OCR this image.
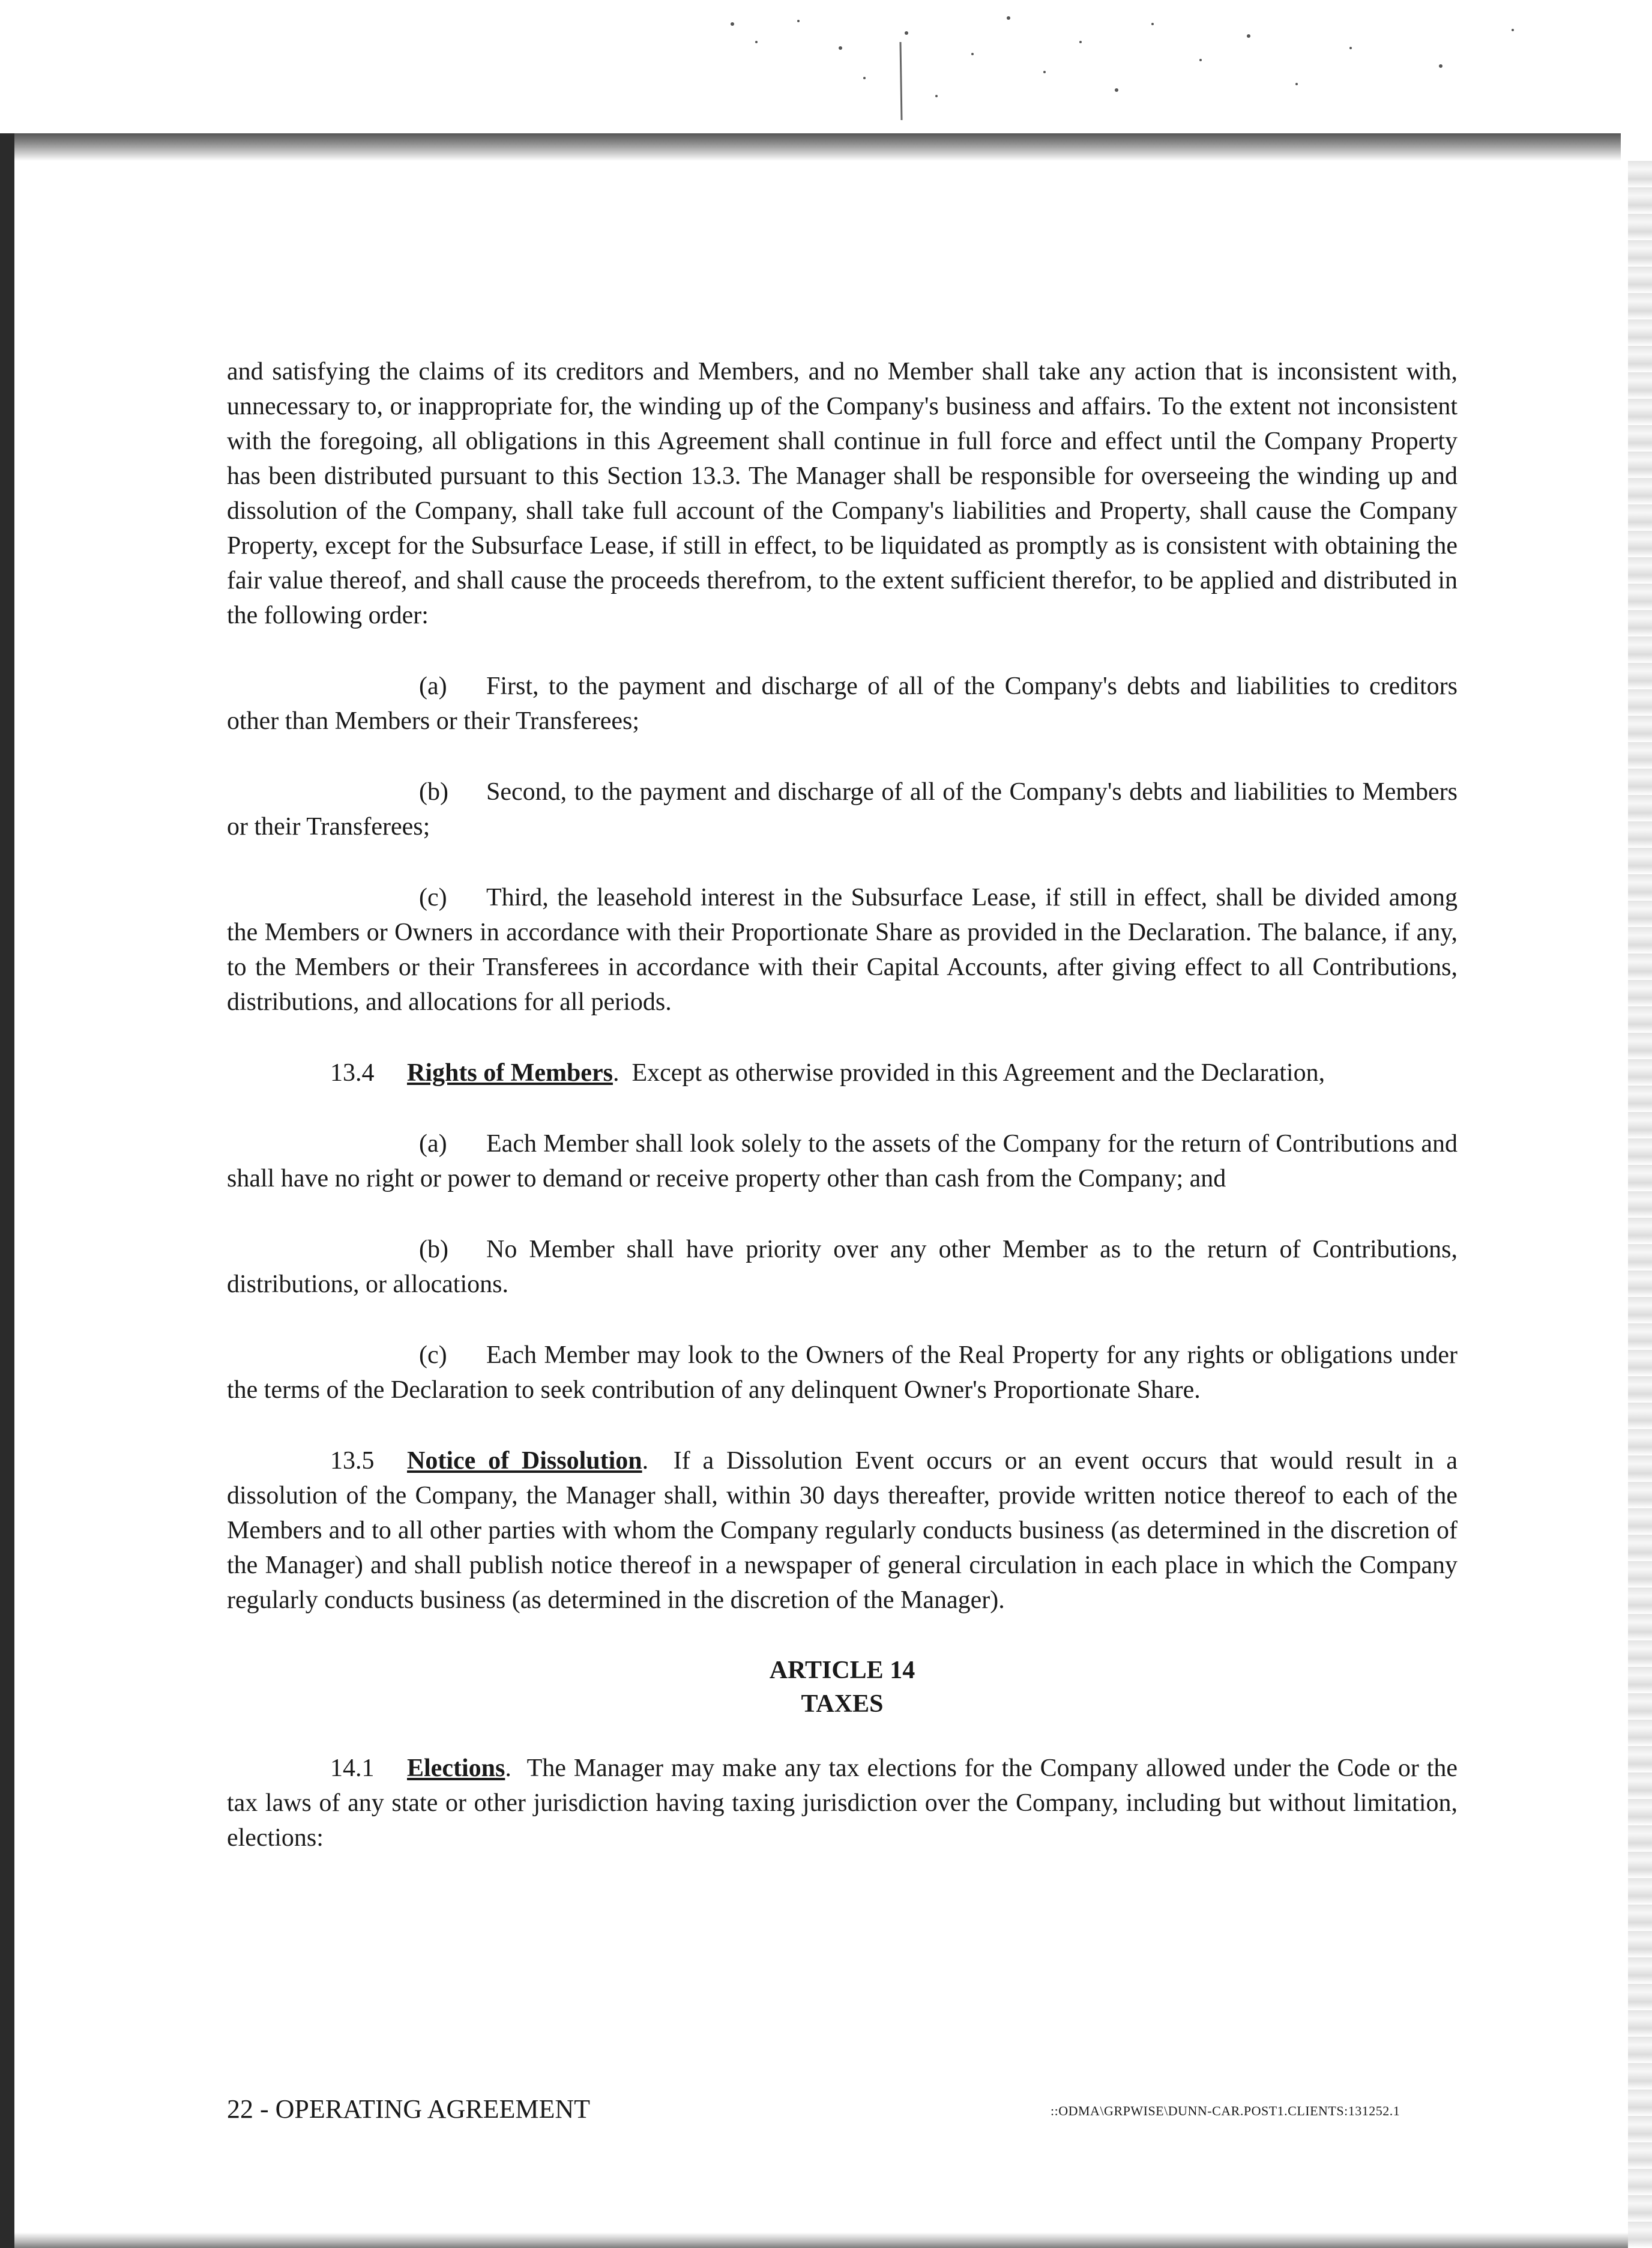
and satisfying the claims of its creditors and Members, and no Member shall take any action that is inconsistent with, unnecessary to, or inappropriate for, the winding up of the Company's business and affairs. To the extent not inconsistent with the foregoing, all obligations in this Agreement shall continue in full force and effect until the Company Property has been distributed pursuant to this Section 13.3. The Manager shall be responsible for overseeing the winding up and dissolution of the Company, shall take full account of the Company's liabilities and Property, shall cause the Company Property, except for the Subsurface Lease, if still in effect, to be liquidated as promptly as is consistent with obtaining the fair value thereof, and shall cause the proceeds therefrom, to the extent sufficient therefor, to be applied and distributed in the following order:

(a) First, to the payment and discharge of all of the Company's debts and liabilities to creditors other than Members or their Transferees;

(b) Second, to the payment and discharge of all of the Company's debts and liabilities to Members or their Transferees;

(c) Third, the leasehold interest in the Subsurface Lease, if still in effect, shall be divided among the Members or Owners in accordance with their Proportionate Share as provided in the Declaration. The balance, if any, to the Members or their Transferees in accordance with their Capital Accounts, after giving effect to all Contributions, distributions, and allocations for all periods.

13.4 Rights of Members.  Except as otherwise provided in this Agreement and the Declaration,

(a) Each Member shall look solely to the assets of the Company for the return of Contributions and shall have no right or power to demand or receive property other than cash from the Company; and

(b) No Member shall have priority over any other Member as to the return of Contributions, distributions, or allocations.

(c) Each Member may look to the Owners of the Real Property for any rights or obligations under the terms of the Declaration to seek contribution of any delinquent Owner's Proportionate Share.

13.5 Notice of Dissolution.  If a Dissolution Event occurs or an event occurs that would result in a dissolution of the Company, the Manager shall, within 30 days thereafter, provide written notice thereof to each of the Members and to all other parties with whom the Company regularly conducts business (as determined in the discretion of the Manager) and shall publish notice thereof in a newspaper of general circulation in each place in which the Company regularly conducts business (as determined in the discretion of the Manager).

ARTICLE 14
TAXES

14.1 Elections.  The Manager may make any tax elections for the Company allowed under the Code or the tax laws of any state or other jurisdiction having taxing jurisdiction over the Company, including but without limitation, elections:

22 - OPERATING AGREEMENT	::ODMA\GRPWISE\DUNN-CAR.POST1.CLIENTS:131252.1
